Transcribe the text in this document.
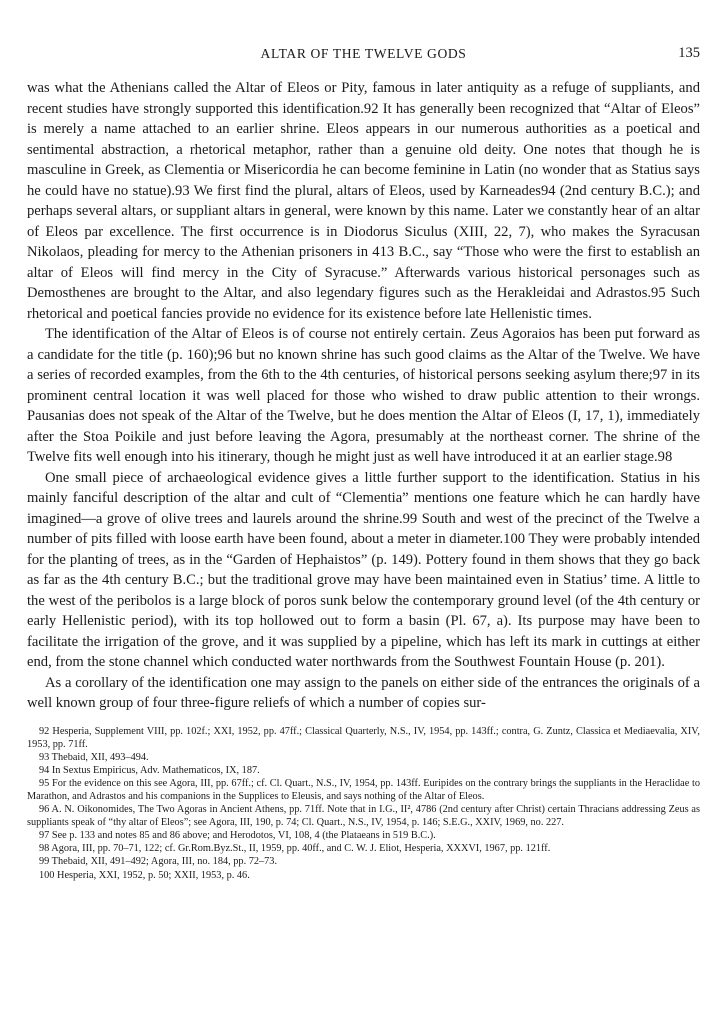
ALTAR OF THE TWELVE GODS	135

was what the Athenians called the Altar of Eleos or Pity, famous in later antiquity as a refuge of suppliants, and recent studies have strongly supported this identification.92 It has generally been recognized that “Altar of Eleos” is merely a name attached to an earlier shrine. Eleos appears in our numerous authorities as a poetical and sentimental abstraction, a rhetorical metaphor, rather than a genuine old deity. One notes that though he is masculine in Greek, as Clementia or Misericordia he can become feminine in Latin (no wonder that as Statius says he could have no statue).93 We first find the plural, altars of Eleos, used by Karneades94 (2nd century B.C.); and perhaps several altars, or suppliant altars in general, were known by this name. Later we constantly hear of an altar of Eleos par excellence. The first occurrence is in Diodorus Siculus (XIII, 22, 7), who makes the Syracusan Nikolaos, pleading for mercy to the Athenian prisoners in 413 B.C., say “Those who were the first to establish an altar of Eleos will find mercy in the City of Syracuse.” Afterwards various historical personages such as Demosthenes are brought to the Altar, and also legendary figures such as the Herakleidai and Adrastos.95 Such rhetorical and poetical fancies provide no evidence for its existence before late Hellenistic times.

The identification of the Altar of Eleos is of course not entirely certain. Zeus Agoraios has been put forward as a candidate for the title (p. 160);96 but no known shrine has such good claims as the Altar of the Twelve. We have a series of recorded examples, from the 6th to the 4th centuries, of historical persons seeking asylum there;97 in its prominent central location it was well placed for those who wished to draw public attention to their wrongs. Pausanias does not speak of the Altar of the Twelve, but he does mention the Altar of Eleos (I, 17, 1), immediately after the Stoa Poikile and just before leaving the Agora, presumably at the northeast corner. The shrine of the Twelve fits well enough into his itinerary, though he might just as well have introduced it at an earlier stage.98

One small piece of archaeological evidence gives a little further support to the identification. Statius in his mainly fanciful description of the altar and cult of “Clementia” mentions one feature which he can hardly have imagined—a grove of olive trees and laurels around the shrine.99 South and west of the precinct of the Twelve a number of pits filled with loose earth have been found, about a meter in diameter.100 They were probably intended for the planting of trees, as in the “Garden of Hephaistos” (p. 149). Pottery found in them shows that they go back as far as the 4th century B.C.; but the traditional grove may have been maintained even in Statius’ time. A little to the west of the peribolos is a large block of poros sunk below the contemporary ground level (of the 4th century or early Hellenistic period), with its top hollowed out to form a basin (Pl. 67, a). Its purpose may have been to facilitate the irrigation of the grove, and it was supplied by a pipeline, which has left its mark in cuttings at either end, from the stone channel which conducted water northwards from the Southwest Fountain House (p. 201).

As a corollary of the identification one may assign to the panels on either side of the entrances the originals of a well known group of four three-figure reliefs of which a number of copies sur-

92 Hesperia, Supplement VIII, pp. 102f.; XXI, 1952, pp. 47ff.; Classical Quarterly, N.S., IV, 1954, pp. 143ff.; contra, G. Zuntz, Classica et Mediaevalia, XIV, 1953, pp. 71ff.

93 Thebaid, XII, 493–494.

94 In Sextus Empiricus, Adv. Mathematicos, IX, 187.

95 For the evidence on this see Agora, III, pp. 67ff.; cf. Cl. Quart., N.S., IV, 1954, pp. 143ff. Euripides on the contrary brings the suppliants in the Heraclidae to Marathon, and Adrastos and his companions in the Supplices to Eleusis, and says nothing of the Altar of Eleos.

96 A. N. Oikonomides, The Two Agoras in Ancient Athens, pp. 71ff. Note that in I.G., II², 4786 (2nd century after Christ) certain Thracians addressing Zeus as suppliants speak of “thy altar of Eleos”; see Agora, III, 190, p. 74; Cl. Quart., N.S., IV, 1954, p. 146; S.E.G., XXIV, 1969, no. 227.

97 See p. 133 and notes 85 and 86 above; and Herodotos, VI, 108, 4 (the Plataeans in 519 B.C.).

98 Agora, III, pp. 70–71, 122; cf. Gr.Rom.Byz.St., II, 1959, pp. 40ff., and C. W. J. Eliot, Hesperia, XXXVI, 1967, pp. 121ff.

99 Thebaid, XII, 491–492; Agora, III, no. 184, pp. 72–73.

100 Hesperia, XXI, 1952, p. 50; XXII, 1953, p. 46.
